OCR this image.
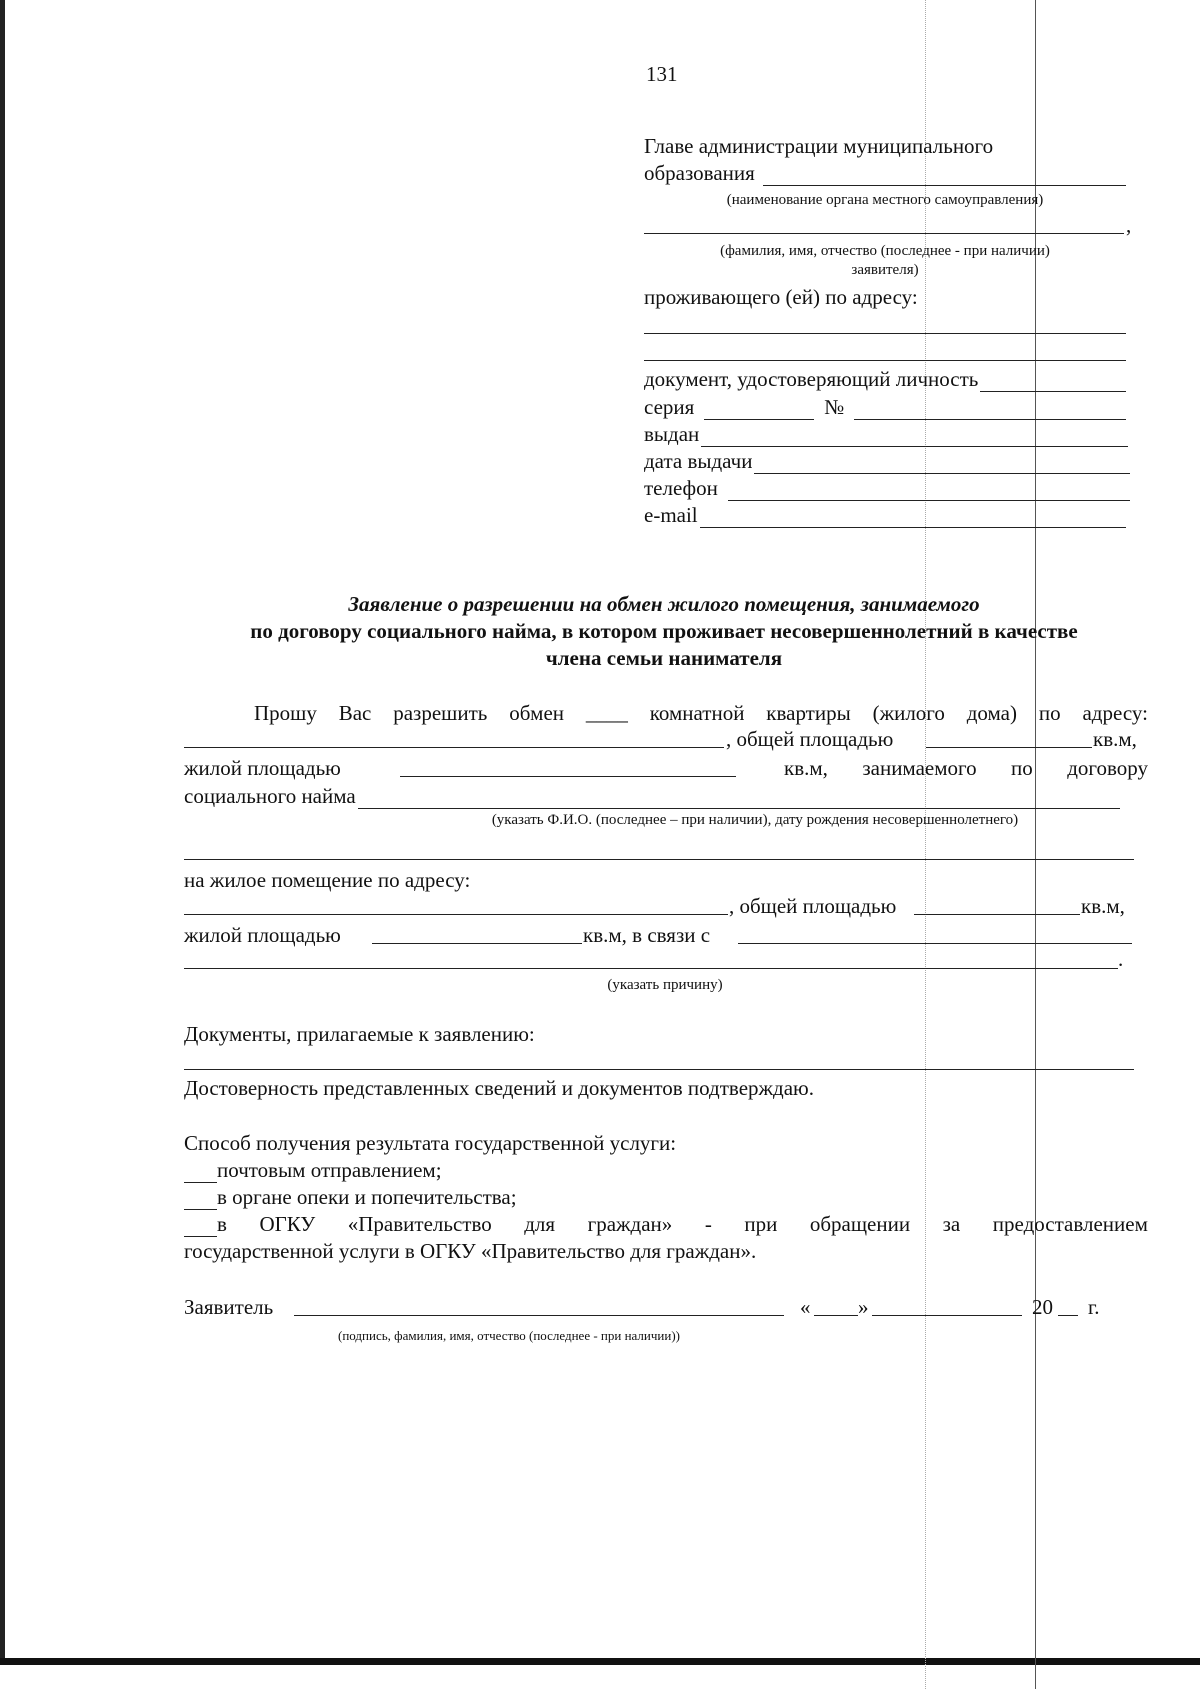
131
Главе администрации муниципального
образования
(наименование органа местного самоуправления)
,
(фамилия, имя, отчество (последнее - при наличии)
заявителя)
проживающего (ей) по адресу:
документ, удостоверяющий личность
серия	№
выдан
дата выдачи
телефон
e-mail
Заявление о разрешении на обмен жилого помещения, занимаемого
по договору социального найма, в котором проживает несовершеннолетний в качестве
члена семьи нанимателя
Прошу Вас разрешить обмен ____ комнатной квартиры (жилого дома) по адресу:
, общей площадью	кв.м,
жилой площадью	кв.м, занимаемого по договору
социального найма
(указать Ф.И.О. (последнее – при наличии), дату рождения несовершеннолетнего)
на жилое помещение по адресу:
, общей площадью	кв.м,
жилой площадью	кв.м, в связи с
.
(указать причину)
Документы, прилагаемые к заявлению:
Достоверность представленных сведений и документов подтверждаю.
Способ получения результата государственной услуги:
почтовым отправлением;
в органе опеки и попечительства;
в ОГКУ «Правительство для граждан» - при обращении за предоставлением
государственной услуги в ОГКУ «Правительство для граждан».
Заявитель	« »	20 г.
(подпись, фамилия, имя, отчество (последнее - при наличии))
